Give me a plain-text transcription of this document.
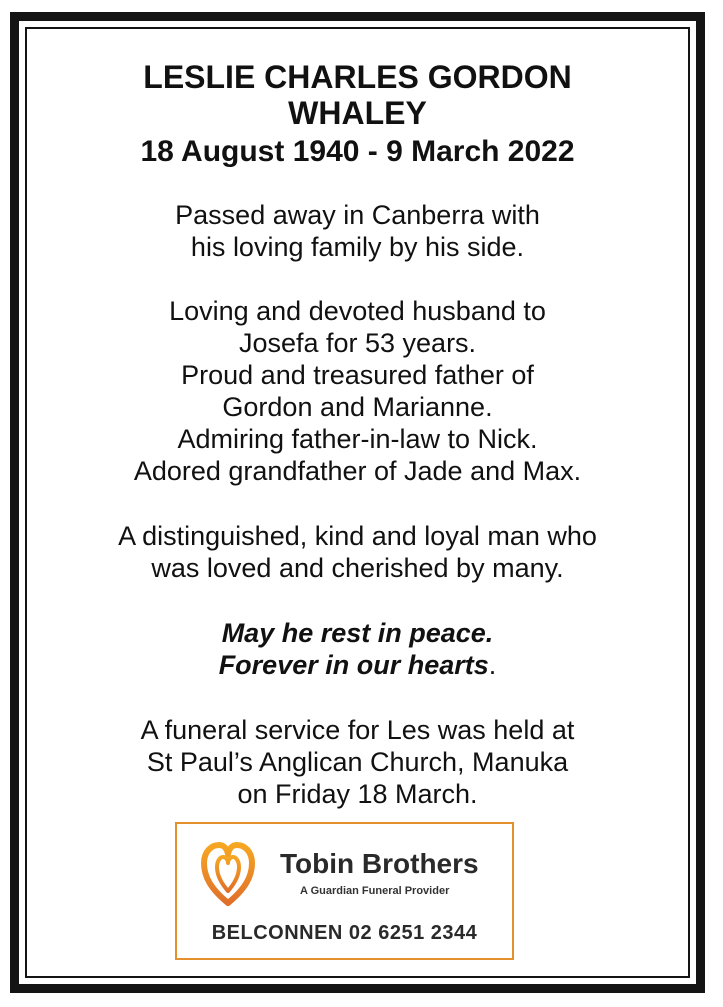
LESLIE CHARLES GORDON
WHALEY

18 August 1940 - 9 March 2022

Passed away in Canberra with
his loving family by his side.

Loving and devoted husband to
Josefa for 53 years.
Proud and treasured father of
Gordon and Marianne.
Admiring father-in-law to Nick.
Adored grandfather of Jade and Max.

A distinguished, kind and loyal man who
was loved and cherished by many.

May he rest in peace.
Forever in our hearts.

A funeral service for Les was held at
St Paul’s Anglican Church, Manuka
on Friday 18 March.

Tobin Brothers
A Guardian Funeral Provider
BELCONNEN 02 6251 2344
